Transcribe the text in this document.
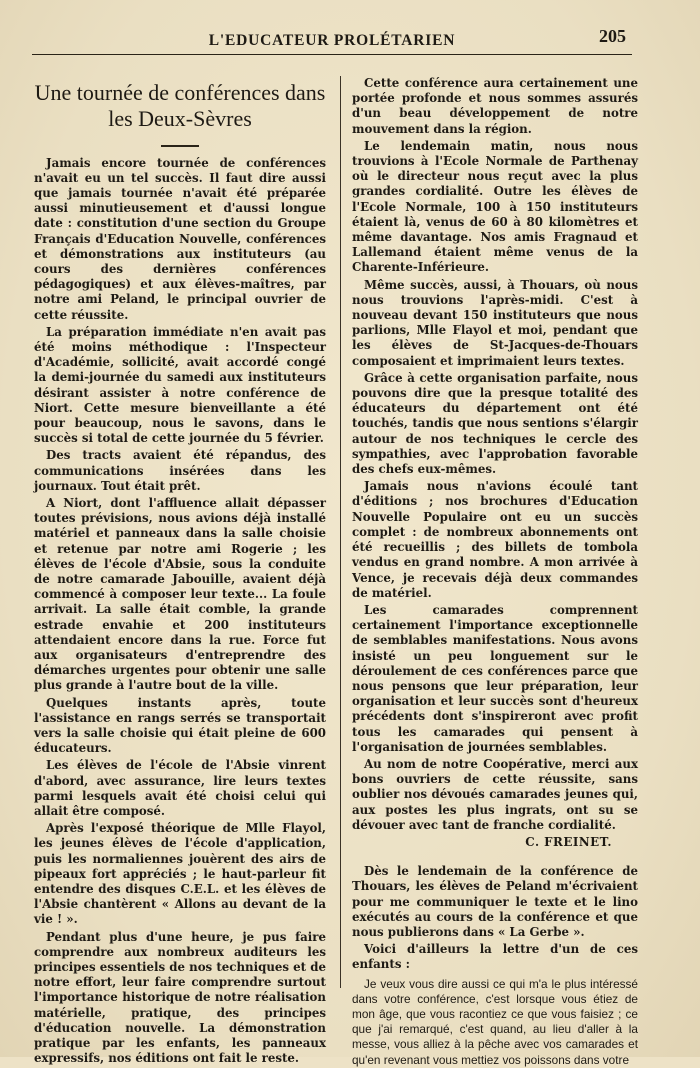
L'EDUCATEUR PROLÉTARIEN	205
Une tournée de conférences dans les Deux-Sèvres

Jamais encore tournée de conférences n'avait eu un tel succès. Il faut dire aussi que jamais tournée n'avait été préparée aussi minutieusement et d'aussi longue date : constitution d'une section du Groupe Français d'Education Nouvelle, conférences et démonstrations aux instituteurs (au cours des dernières conférences pédagogiques) et aux élèves-maîtres, par notre ami Peland, le principal ouvrier de cette réussite.

La préparation immédiate n'en avait pas été moins méthodique : l'Inspecteur d'Académie, sollicité, avait accordé congé la demi-journée du samedi aux instituteurs désirant assister à notre conférence de Niort. Cette mesure bienveillante a été pour beaucoup, nous le savons, dans le succès si total de cette journée du 5 février.

Des tracts avaient été répandus, des communications insérées dans les journaux. Tout était prêt.

A Niort, dont l'affluence allait dépasser toutes prévisions, nous avions déjà installé matériel et panneaux dans la salle choisie et retenue par notre ami Rogerie ; les élèves de l'école d'Absie, sous la conduite de notre camarade Jabouille, avaient déjà commencé à composer leur texte... La foule arrivait. La salle était comble, la grande estrade envahie et 200 instituteurs attendaient encore dans la rue. Force fut aux organisateurs d'entreprendre des démarches urgentes pour obtenir une salle plus grande à l'autre bout de la ville.

Quelques instants après, toute l'assistance en rangs serrés se transportait vers la salle choisie qui était pleine de 600 éducateurs.

Les élèves de l'école de l'Absie vinrent d'abord, avec assurance, lire leurs textes parmi lesquels avait été choisi celui qui allait être composé.

Après l'exposé théorique de Mlle Flayol, les jeunes élèves de l'école d'application, puis les normaliennes jouèrent des airs de pipeaux fort appréciés ; le haut-parleur fit entendre des disques C.E.L. et les élèves de l'Absie chantèrent « Allons au devant de la vie ! ».

Pendant plus d'une heure, je pus faire comprendre aux nombreux auditeurs les principes essentiels de nos techniques et de notre effort, leur faire comprendre surtout l'importance historique de notre réalisation matérielle, pratique, des principes d'éducation nouvelle. La démonstration pratique par les enfants, les panneaux expressifs, nos éditions ont fait le reste.

Cette conférence aura certainement une portée profonde et nous sommes assurés d'un beau développement de notre mouvement dans la région.

Le lendemain matin, nous nous trouvions à l'Ecole Normale de Parthenay où le directeur nous reçut avec la plus grandes cordialité. Outre les élèves de l'Ecole Normale, 100 à 150 instituteurs étaient là, venus de 60 à 80 kilomètres et même davantage. Nos amis Fragnaud et Lallemand étaient même venus de la Charente-Inférieure.

Même succès, aussi, à Thouars, où nous nous trouvions l'après-midi. C'est à nouveau devant 150 instituteurs que nous parlions, Mlle Flayol et moi, pendant que les élèves de St-Jacques-de-Thouars composaient et imprimaient leurs textes.

Grâce à cette organisation parfaite, nous pouvons dire que la presque totalité des éducateurs du département ont été touchés, tandis que nous sentions s'élargir autour de nos techniques le cercle des sympathies, avec l'approbation favorable des chefs eux-mêmes.

Jamais nous n'avions écoulé tant d'éditions ; nos brochures d'Education Nouvelle Populaire ont eu un succès complet : de nombreux abonnements ont été recueillis ; des billets de tombola vendus en grand nombre. A mon arrivée à Vence, je recevais déjà deux commandes de matériel.

Les camarades comprennent certainement l'importance exceptionnelle de semblables manifestations. Nous avons insisté un peu longuement sur le déroulement de ces conférences parce que nous pensons que leur préparation, leur organisation et leur succès sont d'heureux précédents dont s'inspireront avec profit tous les camarades qui pensent à l'organisation de journées semblables.

Au nom de notre Coopérative, merci aux bons ouvriers de cette réussite, sans oublier nos dévoués camarades jeunes qui, aux postes les plus ingrats, ont su se dévouer avec tant de franche cordialité.

C. FREINET.

Dès le lendemain de la conférence de Thouars, les élèves de Peland m'écrivaient pour me communiquer le texte et le lino exécutés au cours de la conférence et que nous publierons dans « La Gerbe ».

Voici d'ailleurs la lettre d'un de ces enfants :

Je veux vous dire aussi ce qui m'a le plus intéressé dans votre conférence, c'est lorsque vous étiez de mon âge, que vous racontiez ce que vous faisiez ; ce que j'ai remarqué, c'est quand, au lieu d'aller à la messe, vous alliez à la pêche avec vos camarades et qu'en revenant vous mettiez vos poissons dans votre
